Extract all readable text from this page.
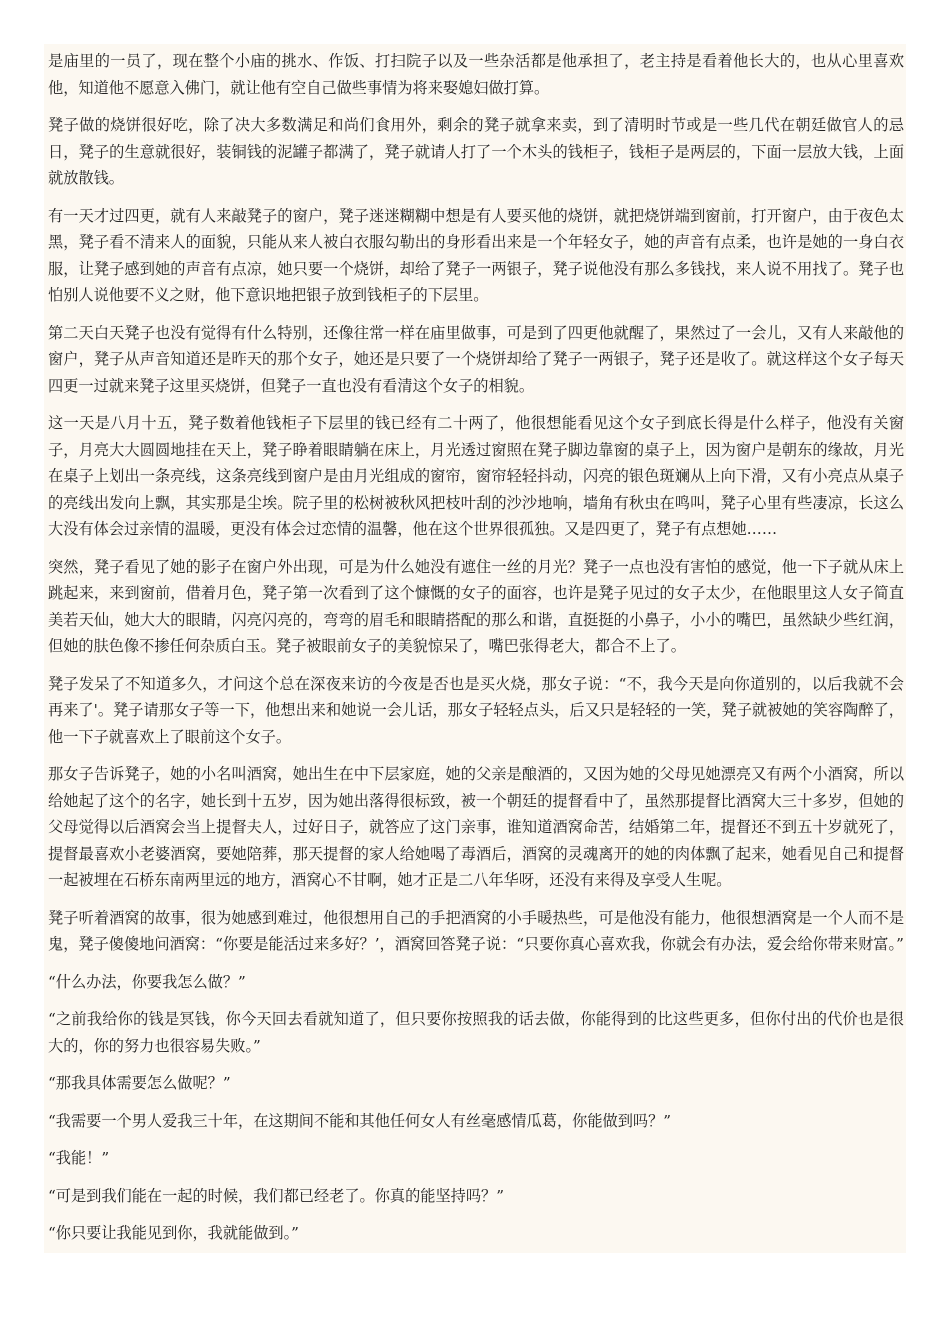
是庙里的一员了，现在整个小庙的挑水、作饭、打扫院子以及一些杂活都是他承担了，老主持是看着他长大的，也从心里喜欢他，知道他不愿意入佛门，就让他有空自己做些事情为将来娶媳妇做打算。

凳子做的烧饼很好吃，除了决大多数满足和尚们食用外，剩余的凳子就拿来卖，到了清明时节或是一些几代在朝廷做官人的忌日，凳子的生意就很好，装铜钱的泥罐子都满了，凳子就请人打了一个木头的钱柜子，钱柜子是两层的，下面一层放大钱，上面就放散钱。

有一天才过四更，就有人来敲凳子的窗户，凳子迷迷糊糊中想是有人要买他的烧饼，就把烧饼端到窗前，打开窗户，由于夜色太黑，凳子看不清来人的面貌，只能从来人被白衣服勾勒出的身形看出来是一个年轻女子，她的声音有点柔，也许是她的一身白衣服，让凳子感到她的声音有点凉，她只要一个烧饼，却给了凳子一两银子，凳子说他没有那么多钱找，来人说不用找了。凳子也怕别人说他要不义之财，他下意识地把银子放到钱柜子的下层里。

第二天白天凳子也没有觉得有什么特别，还像往常一样在庙里做事，可是到了四更他就醒了，果然过了一会儿，又有人来敲他的窗户，凳子从声音知道还是昨天的那个女子，她还是只要了一个烧饼却给了凳子一两银子，凳子还是收了。就这样这个女子每天四更一过就来凳子这里买烧饼，但凳子一直也没有看清这个女子的相貌。

这一天是八月十五，凳子数着他钱柜子下层里的钱已经有二十两了，他很想能看见这个女子到底长得是什么样子，他没有关窗子，月亮大大圆圆地挂在天上，凳子睁着眼睛躺在床上，月光透过窗照在凳子脚边靠窗的桌子上，因为窗户是朝东的缘故，月光在桌子上划出一条亮线，这条亮线到窗户是由月光组成的窗帘，窗帘轻轻抖动，闪亮的银色斑斓从上向下滑，又有小亮点从桌子的亮线出发向上飘，其实那是尘埃。院子里的松树被秋风把枝叶刮的沙沙地响，墙角有秋虫在鸣叫，凳子心里有些凄凉，长这么大没有体会过亲情的温暖，更没有体会过恋情的温馨，他在这个世界很孤独。又是四更了，凳子有点想她……

突然，凳子看见了她的影子在窗户外出现，可是为什么她没有遮住一丝的月光？凳子一点也没有害怕的感觉，他一下子就从床上跳起来，来到窗前，借着月色，凳子第一次看到了这个慷慨的女子的面容，也许是凳子见过的女子太少，在他眼里这人女子简直美若天仙，她大大的眼睛，闪亮闪亮的，弯弯的眉毛和眼睛搭配的那么和谐，直挺挺的小鼻子，小小的嘴巴，虽然缺少些红润，但她的肤色像不掺任何杂质白玉。凳子被眼前女子的美貌惊呆了，嘴巴张得老大，都合不上了。

凳子发呆了不知道多久，才问这个总在深夜来访的今夜是否也是买火烧，那女子说：“不，我今天是向你道别的，以后我就不会再来了'。凳子请那女子等一下，他想出来和她说一会儿话，那女子轻轻点头，后又只是轻轻的一笑，凳子就被她的笑容陶醉了，他一下子就喜欢上了眼前这个女子。

那女子告诉凳子，她的小名叫酒窝，她出生在中下层家庭，她的父亲是酿酒的，又因为她的父母见她漂亮又有两个小酒窝，所以给她起了这个的名字，她长到十五岁，因为她出落得很标致，被一个朝廷的提督看中了，虽然那提督比酒窝大三十多岁，但她的父母觉得以后酒窝会当上提督夫人，过好日子，就答应了这门亲事，谁知道酒窝命苦，结婚第二年，提督还不到五十岁就死了，提督最喜欢小老婆酒窝，要她陪葬，那天提督的家人给她喝了毒酒后，酒窝的灵魂离开的她的肉体飘了起来，她看见自己和提督一起被埋在石桥东南两里远的地方，酒窝心不甘啊，她才正是二八年华呀，还没有来得及享受人生呢。

凳子听着酒窝的故事，很为她感到难过，他很想用自己的手把酒窝的小手暖热些，可是他没有能力，他很想酒窝是一个人而不是鬼，凳子傻傻地问酒窝：“你要是能活过来多好？’，酒窝回答凳子说：“只要你真心喜欢我，你就会有办法，爱会给你带来财富。”

“什么办法，你要我怎么做？”

“之前我给你的钱是冥钱，你今天回去看就知道了，但只要你按照我的话去做，你能得到的比这些更多，但你付出的代价也是很大的，你的努力也很容易失败。”

“那我具体需要怎么做呢？”

“我需要一个男人爱我三十年，在这期间不能和其他任何女人有丝毫感情瓜葛，你能做到吗？”

“我能！”

“可是到我们能在一起的时候，我们都已经老了。你真的能坚持吗？”

“你只要让我能见到你，我就能做到。”
